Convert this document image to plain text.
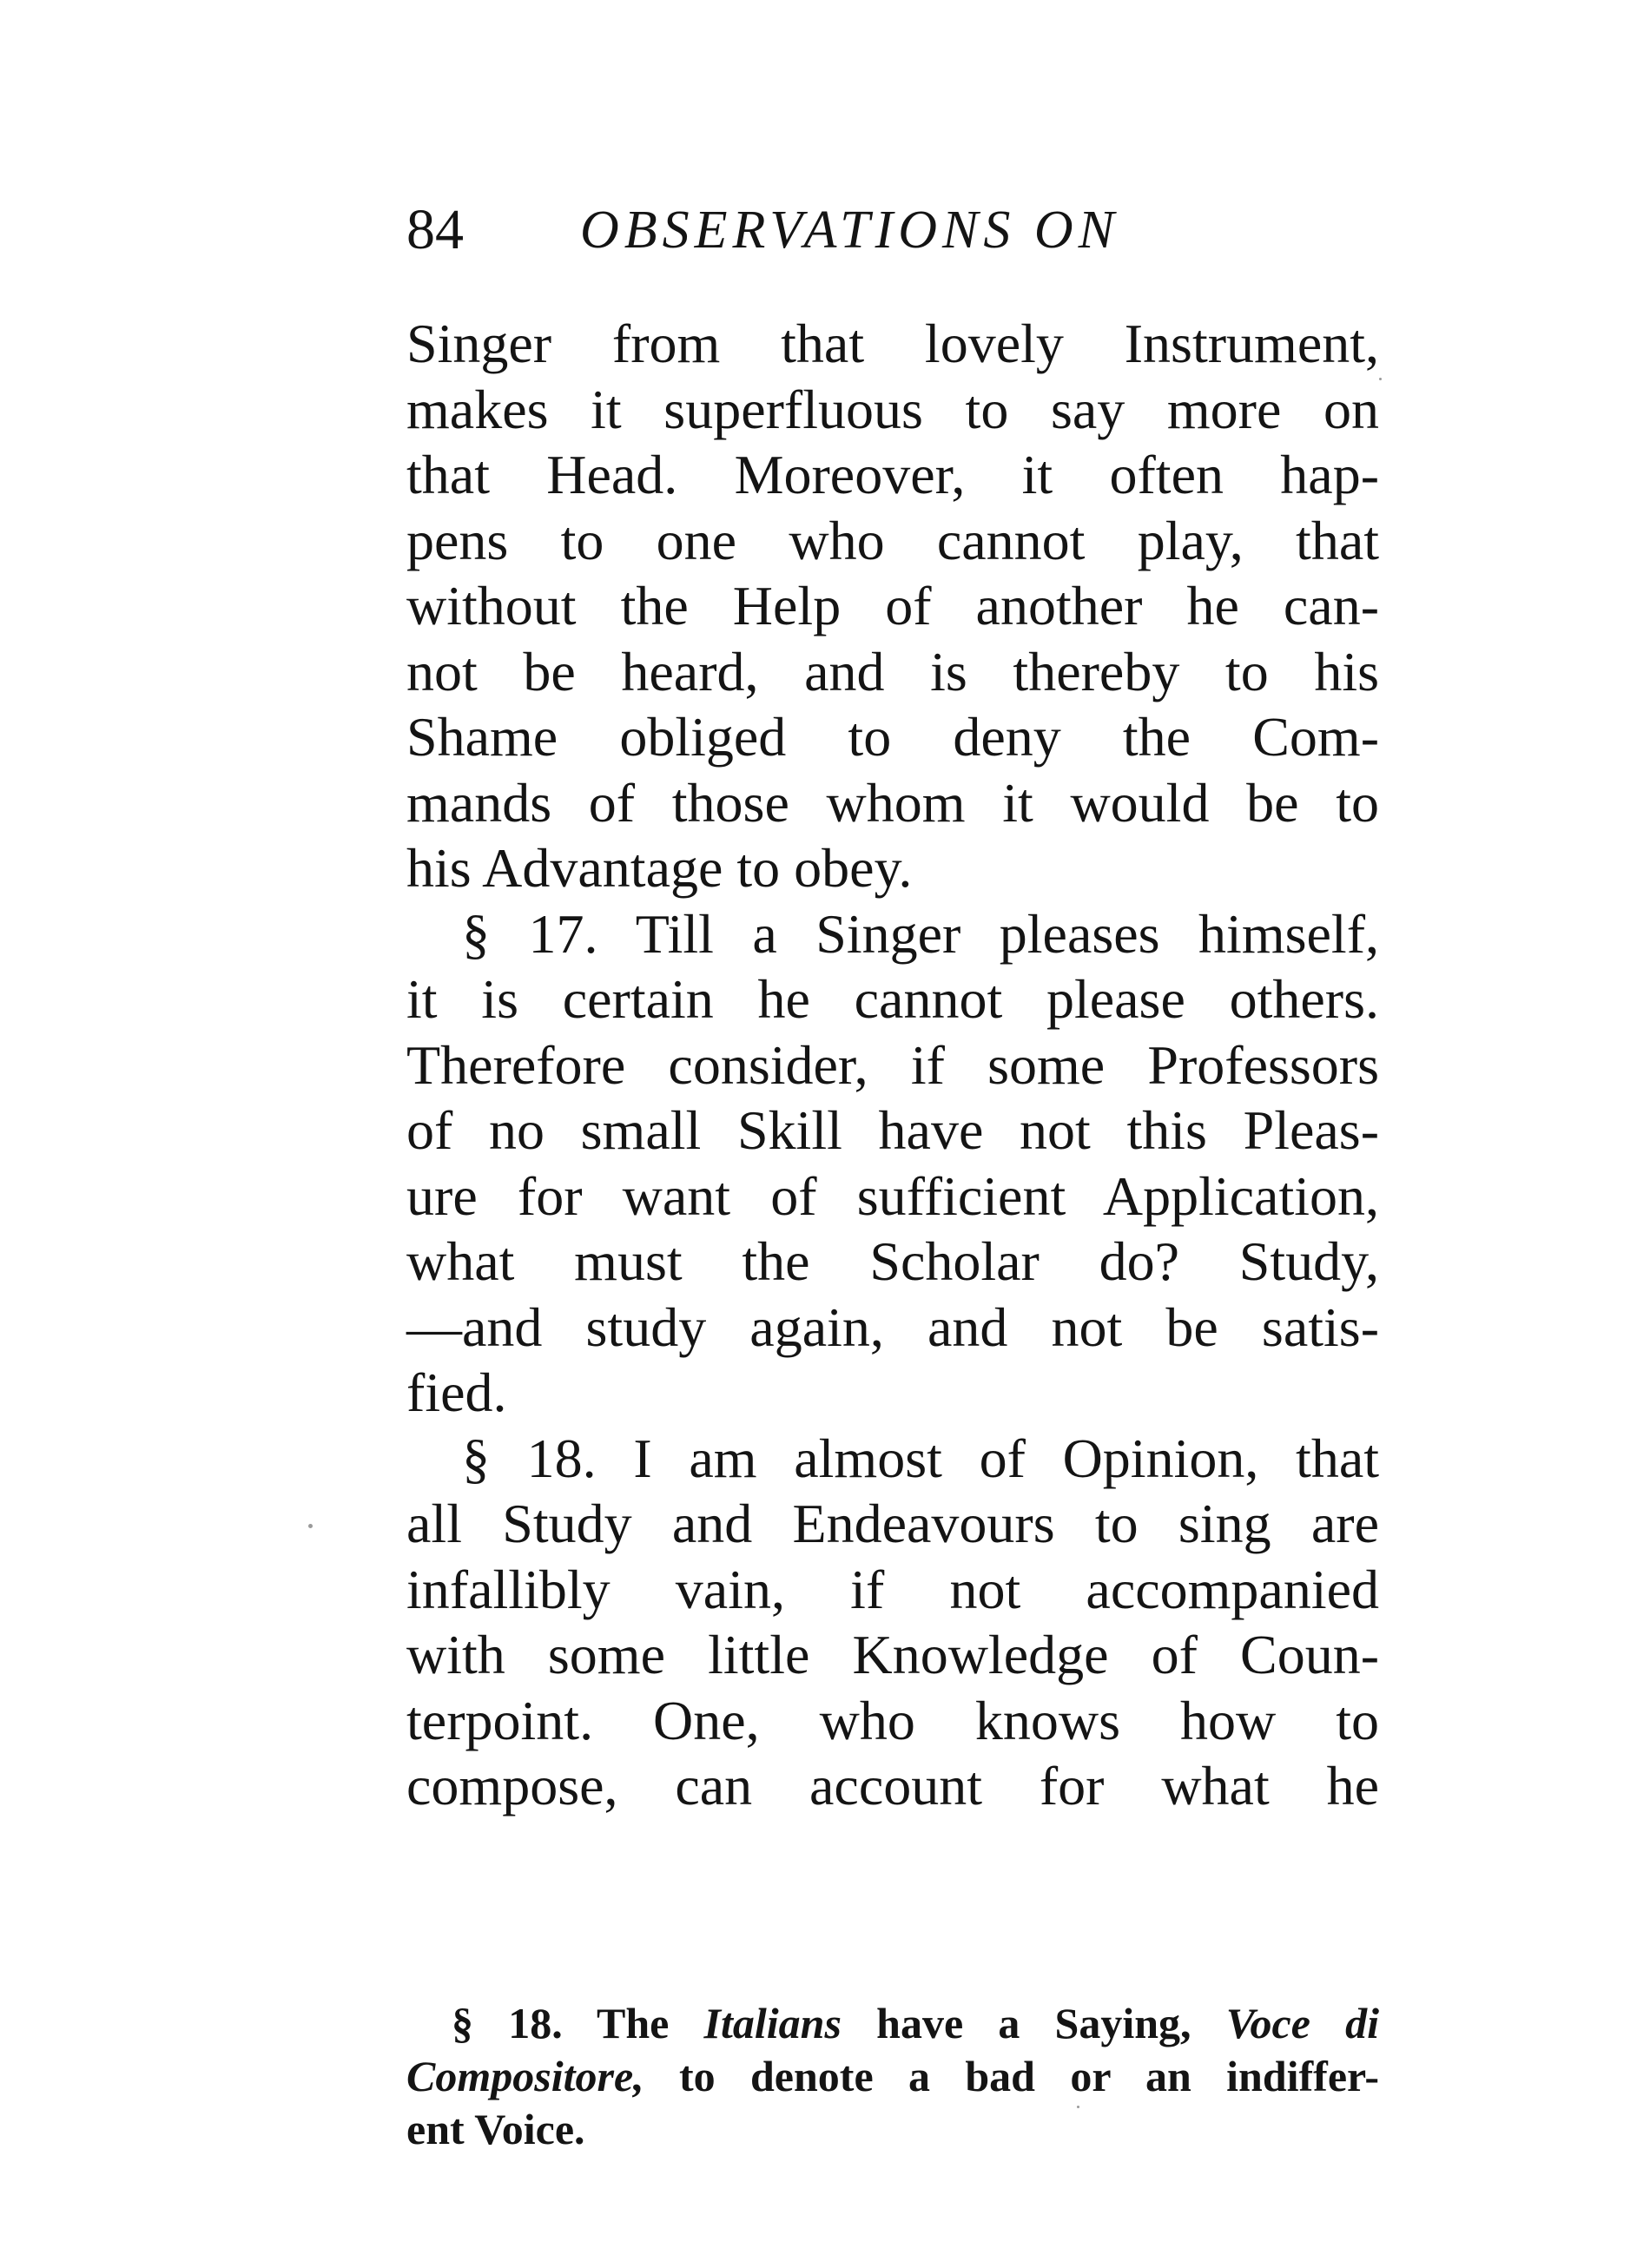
84 OBSERVATIONS ON
Singer from that lovely Instrument,
makes it superfluous to say more on
that Head. Moreover, it often hap-
pens to one who cannot play, that
without the Help of another he can-
not be heard, and is thereby to his
Shame obliged to deny the Com-
mands of those whom it would be to
his Advantage to obey.
§ 17. Till a Singer pleases himself,
it is certain he cannot please others.
Therefore consider, if some Professors
of no small Skill have not this Pleas-
ure for want of sufficient Application,
what must the Scholar do? Study,
—and study again, and not be satis-
fied.
§ 18. I am almost of Opinion, that
all Study and Endeavours to sing are
infallibly vain, if not accompanied
with some little Knowledge of Coun-
terpoint. One, who knows how to
compose, can account for what he
§ 18. The Italians have a Saying, Voce di
Compositore, to denote a bad or an indiffer-
ent Voice.
